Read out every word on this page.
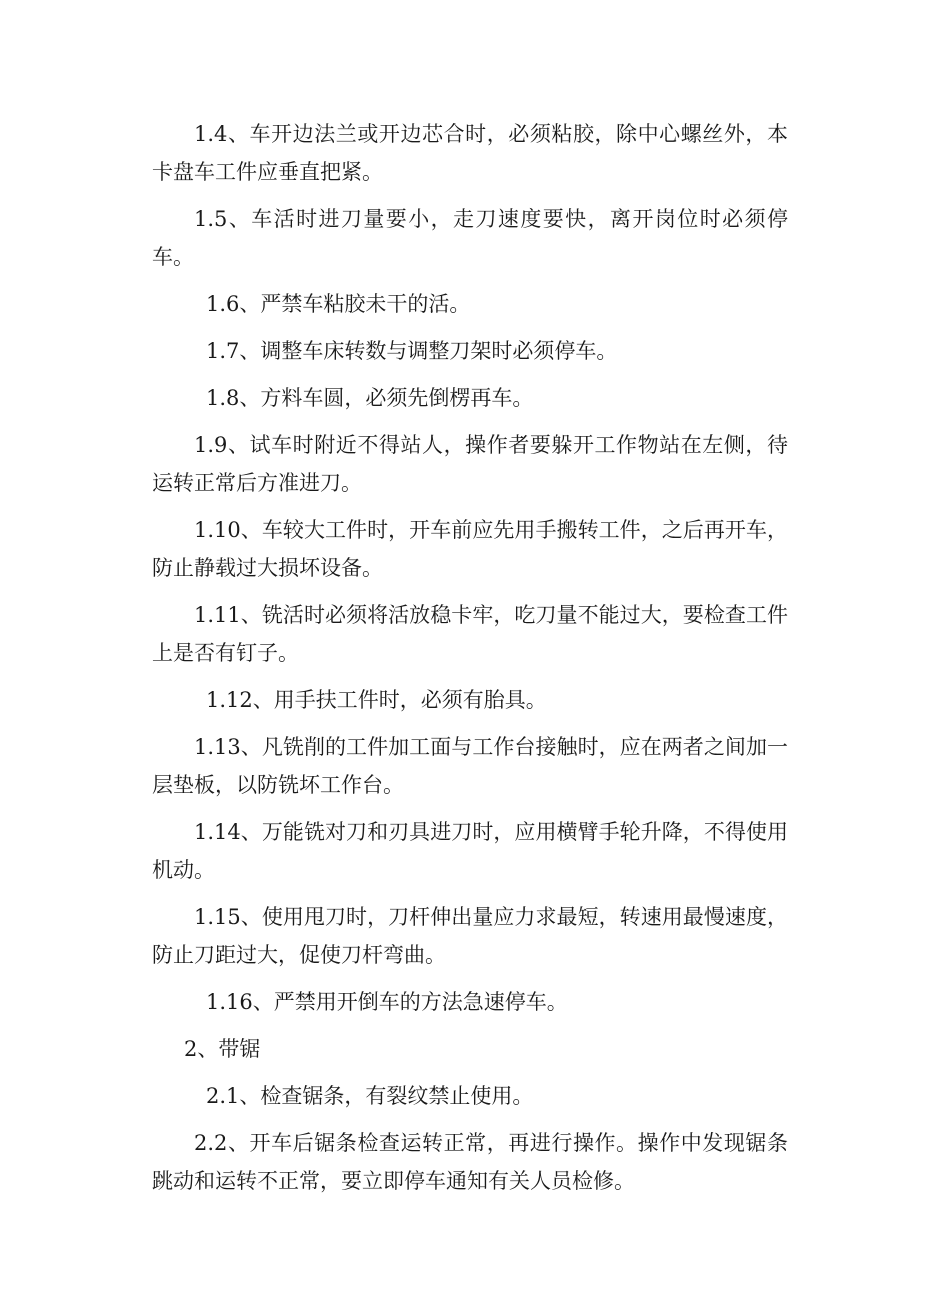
1.4、车开边法兰或开边芯合时，必须粘胶，除中心螺丝外，本卡盘车工件应垂直把紧。

1.5、车活时进刀量要小，走刀速度要快，离开岗位时必须停车。

1.6、严禁车粘胶未干的活。

1.7、调整车床转数与调整刀架时必须停车。

1.8、方料车圆，必须先倒楞再车。

1.9、试车时附近不得站人，操作者要躲开工作物站在左侧，待运转正常后方准进刀。

1.10、车较大工件时，开车前应先用手搬转工件，之后再开车，防止静载过大损坏设备。

1.11、铣活时必须将活放稳卡牢，吃刀量不能过大，要检查工件上是否有钉子。

1.12、用手扶工件时，必须有胎具。

1.13、凡铣削的工件加工面与工作台接触时，应在两者之间加一层垫板，以防铣坏工作台。

1.14、万能铣对刀和刃具进刀时，应用横臂手轮升降，不得使用机动。

1.15、使用甩刀时，刀杆伸出量应力求最短，转速用最慢速度，防止刀距过大，促使刀杆弯曲。

1.16、严禁用开倒车的方法急速停车。

2、带锯

2.1、检查锯条，有裂纹禁止使用。

2.2、开车后锯条检查运转正常，再进行操作。操作中发现锯条跳动和运转不正常，要立即停车通知有关人员检修。
